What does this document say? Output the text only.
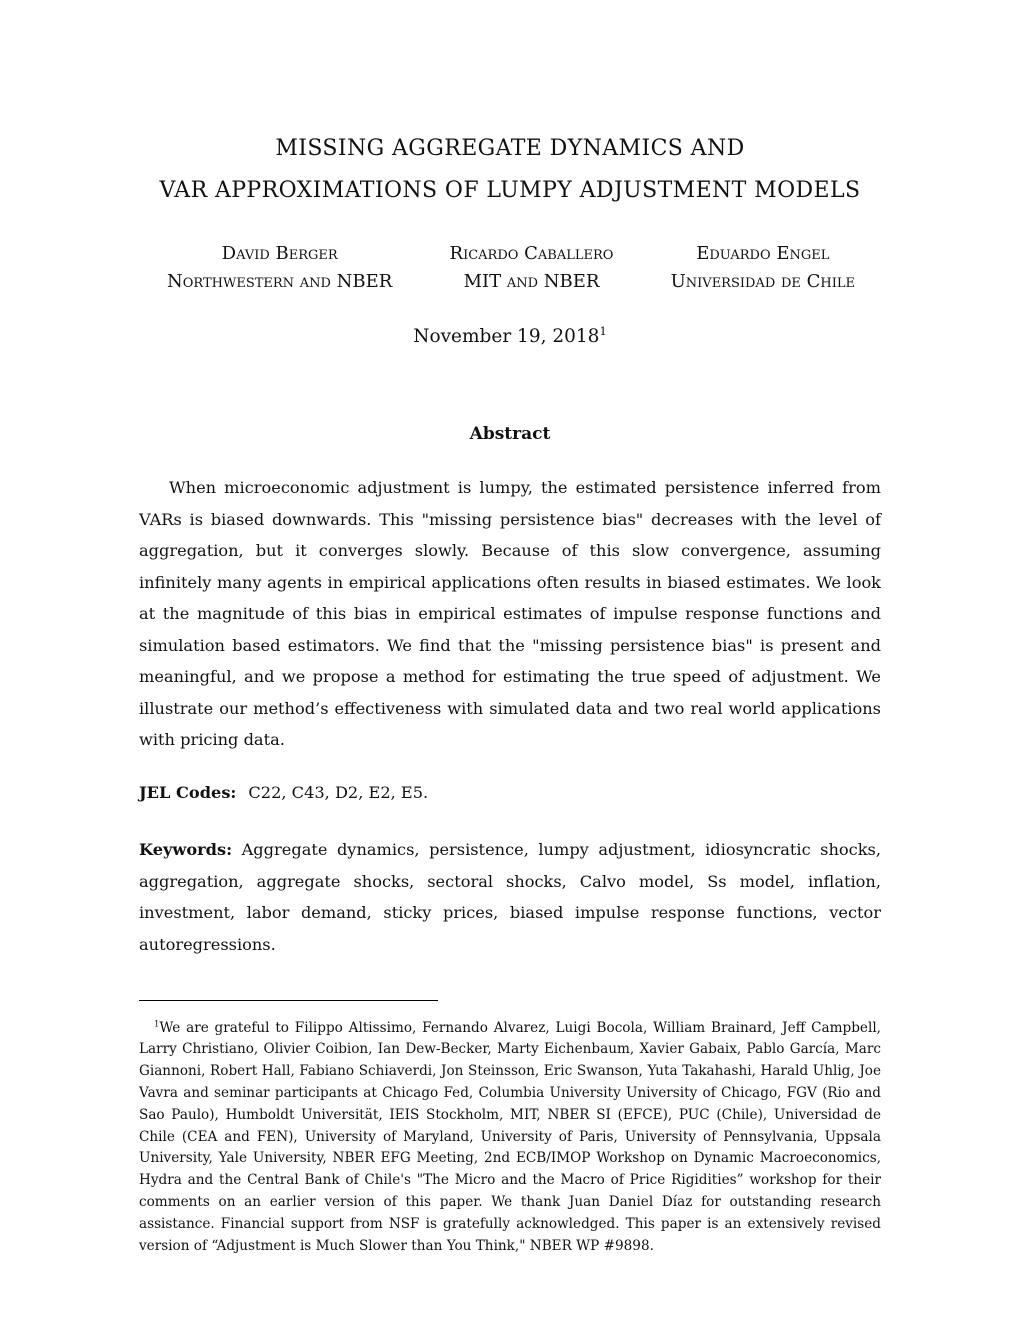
MISSING AGGREGATE DYNAMICS AND
VAR APPROXIMATIONS OF LUMPY ADJUSTMENT MODELS
David Berger
Northwestern and NBER
Ricardo Caballero
MIT and NBER
Eduardo Engel
Universidad de Chile
November 19, 2018$^1$
Abstract

When microeconomic adjustment is lumpy, the estimated persistence inferred from VARs is biased downwards. This "missing persistence bias" decreases with the level of aggregation, but it converges slowly. Because of this slow convergence, assuming infinitely many agents in empirical applications often results in biased estimates. We look at the magnitude of this bias in empirical estimates of impulse response functions and simulation based estimators. We find that the "missing persistence bias" is present and meaningful, and we propose a method for estimating the true speed of adjustment. We illustrate our method’s effectiveness with simulated data and two real world applications with pricing data.

JEL Codes: C22, C43, D2, E2, E5.

Keywords: Aggregate dynamics, persistence, lumpy adjustment, idiosyncratic shocks, aggregation, aggregate shocks, sectoral shocks, Calvo model, Ss model, inflation, investment, labor demand, sticky prices, biased impulse response functions, vector autoregressions.

$^1$We are grateful to Filippo Altissimo, Fernando Alvarez, Luigi Bocola, William Brainard, Jeff Campbell, Larry Christiano, Olivier Coibion, Ian Dew-Becker, Marty Eichenbaum, Xavier Gabaix, Pablo García, Marc Giannoni, Robert Hall, Fabiano Schiaverdi, Jon Steinsson, Eric Swanson, Yuta Takahashi, Harald Uhlig, Joe Vavra and seminar participants at Chicago Fed, Columbia University University of Chicago, FGV (Rio and Sao Paulo), Humboldt Universität, IEIS Stockholm, MIT, NBER SI (EFCE), PUC (Chile), Universidad de Chile (CEA and FEN), University of Maryland, University of Paris, University of Pennsylvania, Uppsala University, Yale University, NBER EFG Meeting, 2nd ECB/IMOP Workshop on Dynamic Macroeconomics, Hydra and the Central Bank of Chile's "The Micro and the Macro of Price Rigidities” workshop for their comments on an earlier version of this paper. We thank Juan Daniel Díaz for outstanding research assistance. Financial support from NSF is gratefully acknowledged. This paper is an extensively revised version of “Adjustment is Much Slower than You Think," NBER WP #9898.
